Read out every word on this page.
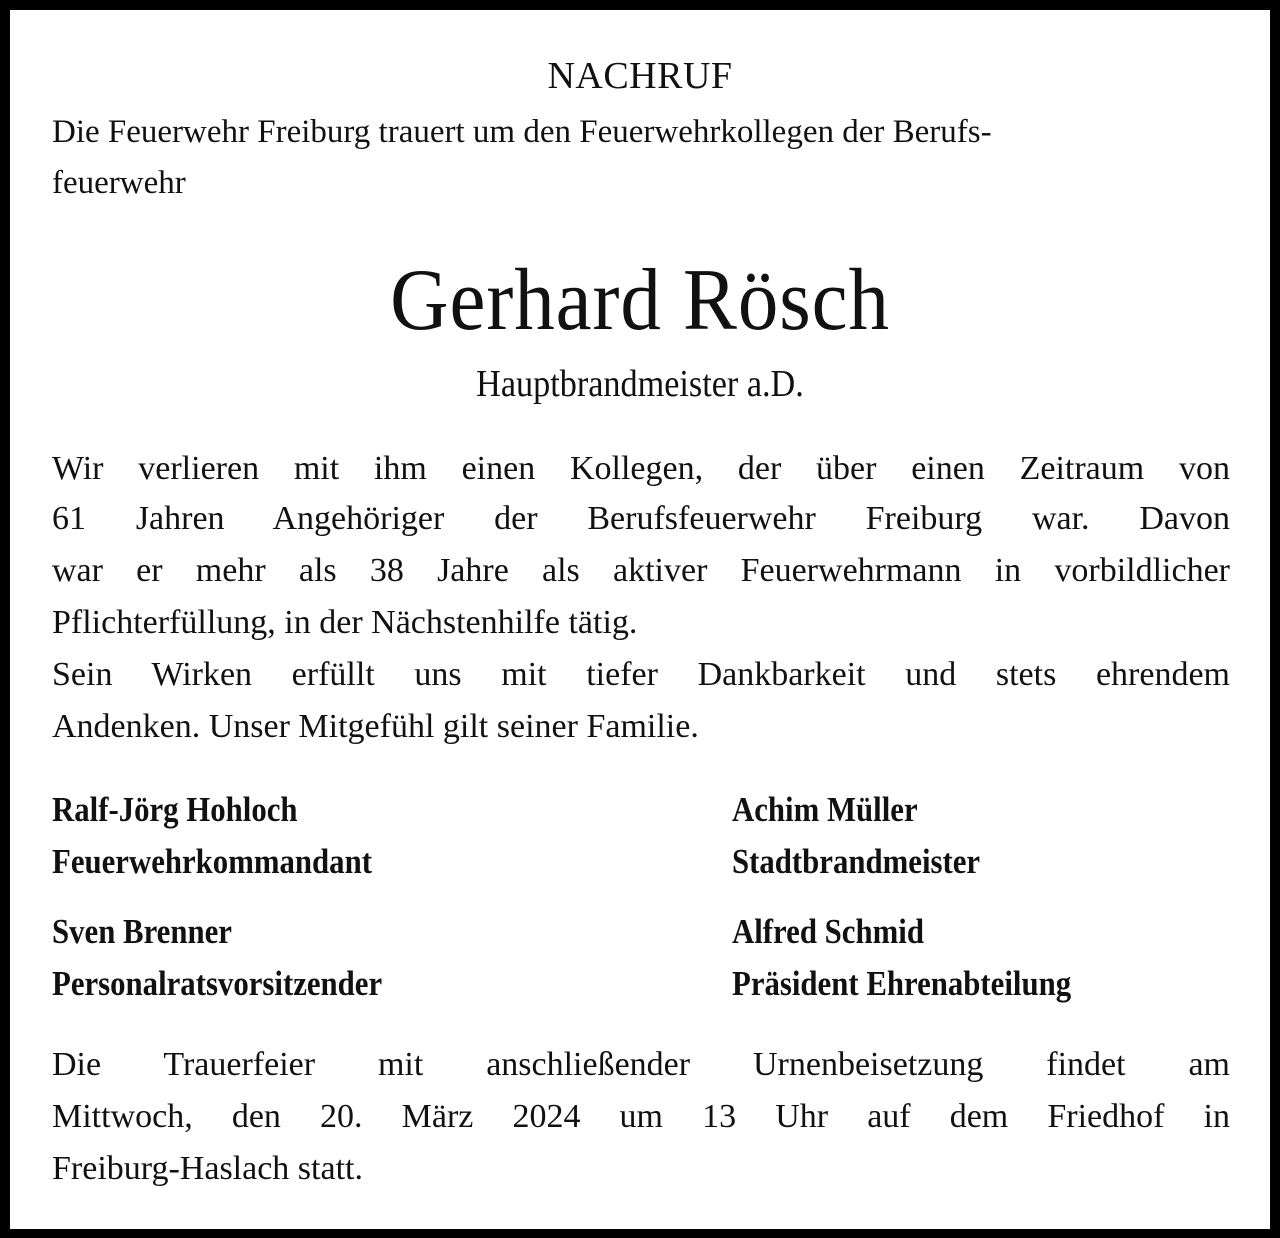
NACHRUF
Die Feuerwehr Freiburg trauert um den Feuerwehrkollegen der Berufs-
feuerwehr
Gerhard Rösch
Hauptbrandmeister a.D.
Wir verlieren mit ihm einen Kollegen, der über einen Zeitraum von
61 Jahren Angehöriger der Berufsfeuerwehr Freiburg war. Davon
war er mehr als 38 Jahre als aktiver Feuerwehrmann in vorbildlicher
Pflichterfüllung, in der Nächstenhilfe tätig.
Sein Wirken erfüllt uns mit tiefer Dankbarkeit und stets ehrendem
Andenken. Unser Mitgefühl gilt seiner Familie.
Ralf-Jörg Hohloch
Feuerwehrkommandant
Achim Müller
Stadtbrandmeister
Sven Brenner
Personalratsvorsitzender
Alfred Schmid
Präsident Ehrenabteilung
Die Trauerfeier mit anschließender Urnenbeisetzung findet am
Mittwoch, den 20. März 2024 um 13 Uhr auf dem Friedhof in
Freiburg-Haslach statt.
